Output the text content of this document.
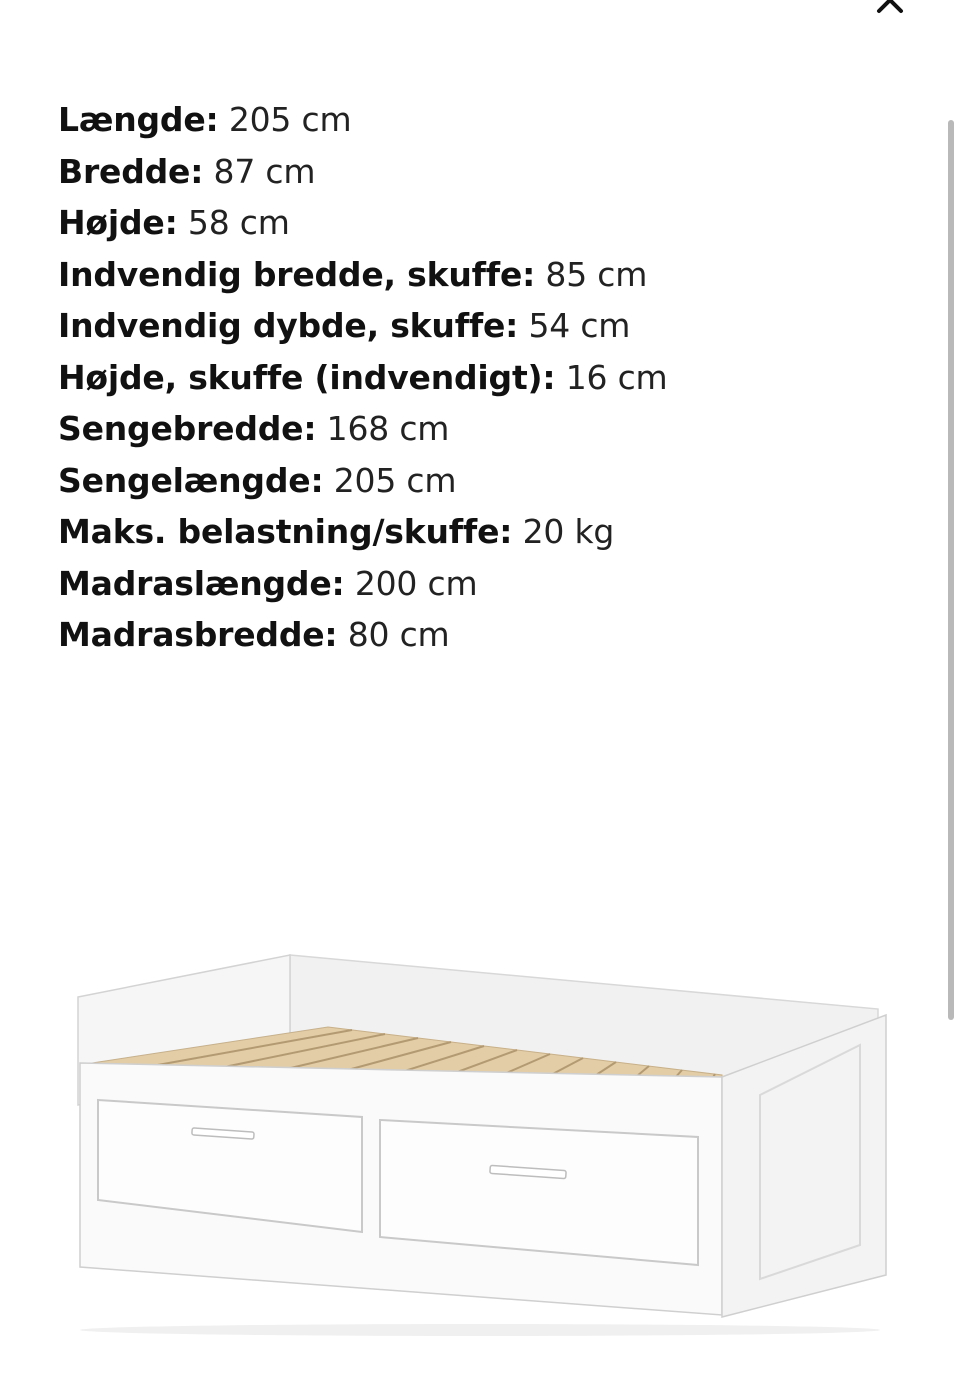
Længde: 205 cm
Bredde: 87 cm
Højde: 58 cm
Indvendig bredde, skuffe: 85 cm
Indvendig dybde, skuffe: 54 cm
Højde, skuffe (indvendigt): 16 cm
Sengebredde: 168 cm
Sengelængde: 205 cm
Maks. belastning/skuffe: 20 kg
Madraslængde: 200 cm
Madrasbredde: 80 cm
